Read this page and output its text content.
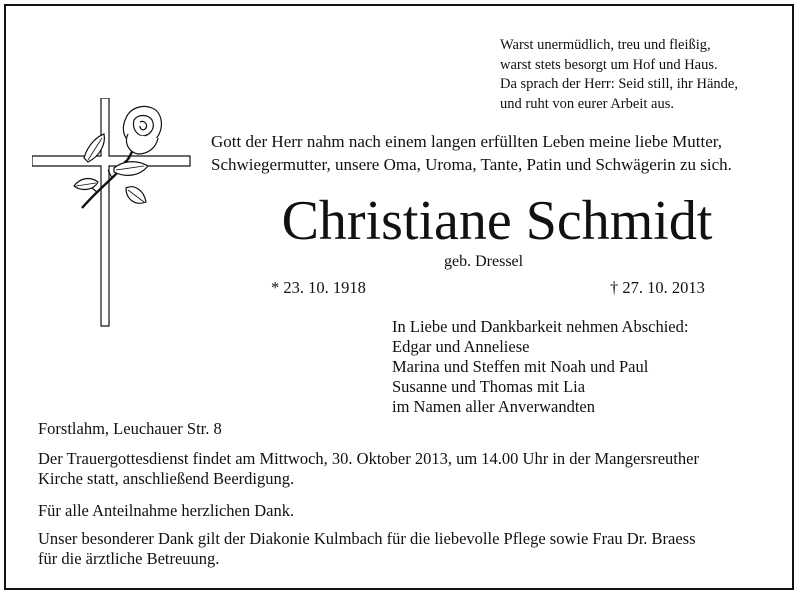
Warst unermüdlich, treu und fleißig,
warst stets besorgt um Hof und Haus.
Da sprach der Herr: Seid still, ihr Hände,
und ruht von eurer Arbeit aus.
Gott der Herr nahm nach einem langen erfüllten Leben meine liebe Mutter,
Schwiegermutter, unsere Oma, Uroma, Tante, Patin und Schwägerin zu sich.
Christiane Schmidt
geb. Dressel
* 23. 10. 1918	† 27. 10. 2013
In Liebe und Dankbarkeit nehmen Abschied:
Edgar und Anneliese
Marina und Steffen mit Noah und Paul
Susanne und Thomas mit Lia
im Namen aller Anverwandten
Forstlahm, Leuchauer Str. 8
Der Trauergottesdienst findet am Mittwoch, 30. Oktober 2013, um 14.00 Uhr in der Mangersreuther
Kirche statt, anschließend Beerdigung.
Für alle Anteilnahme herzlichen Dank.
Unser besonderer Dank gilt der Diakonie Kulmbach für die liebevolle Pflege sowie Frau Dr. Braess
für die ärztliche Betreuung.
